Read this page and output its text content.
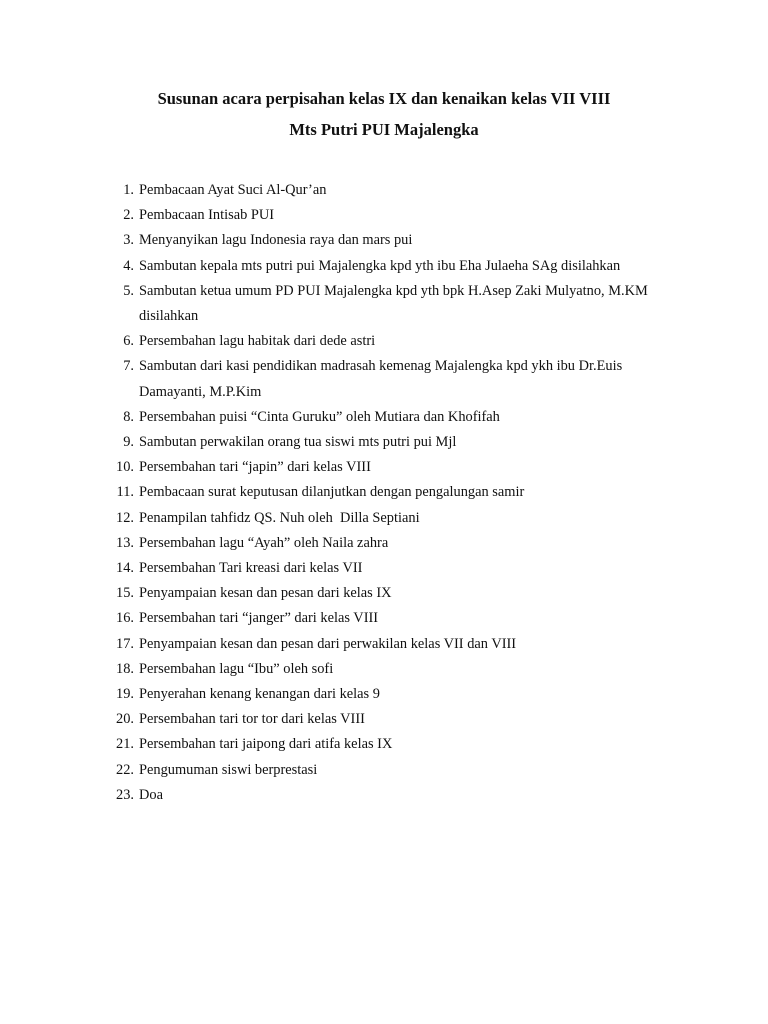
Susunan acara perpisahan kelas IX dan kenaikan kelas VII VIII
Mts Putri PUI Majalengka
1. Pembacaan Ayat Suci Al-Qur’an
2. Pembacaan Intisab PUI
3. Menyanyikan lagu Indonesia raya dan mars pui
4. Sambutan kepala mts putri pui Majalengka kpd yth ibu Eha Julaeha SAg disilahkan
5. Sambutan ketua umum PD PUI Majalengka kpd yth bpk H.Asep Zaki Mulyatno, M.KM disilahkan
6. Persembahan lagu habitak dari dede astri
7. Sambutan dari kasi pendidikan madrasah kemenag Majalengka kpd ykh ibu Dr.Euis Damayanti, M.P.Kim
8. Persembahan puisi “Cinta Guruku” oleh Mutiara dan Khofifah
9. Sambutan perwakilan orang tua siswi mts putri pui Mjl
10. Persembahan tari “japin” dari kelas VIII
11. Pembacaan surat keputusan dilanjutkan dengan pengalungan samir
12. Penampilan tahfidz QS. Nuh oleh  Dilla Septiani
13. Persembahan lagu “Ayah” oleh Naila zahra
14. Persembahan Tari kreasi dari kelas VII
15. Penyampaian kesan dan pesan dari kelas IX
16. Persembahan tari “janger” dari kelas VIII
17. Penyampaian kesan dan pesan dari perwakilan kelas VII dan VIII
18. Persembahan lagu “Ibu” oleh sofi
19. Penyerahan kenang kenangan dari kelas 9
20. Persembahan tari tor tor dari kelas VIII
21. Persembahan tari jaipong dari atifa kelas IX
22. Pengumuman siswi berprestasi
23. Doa
